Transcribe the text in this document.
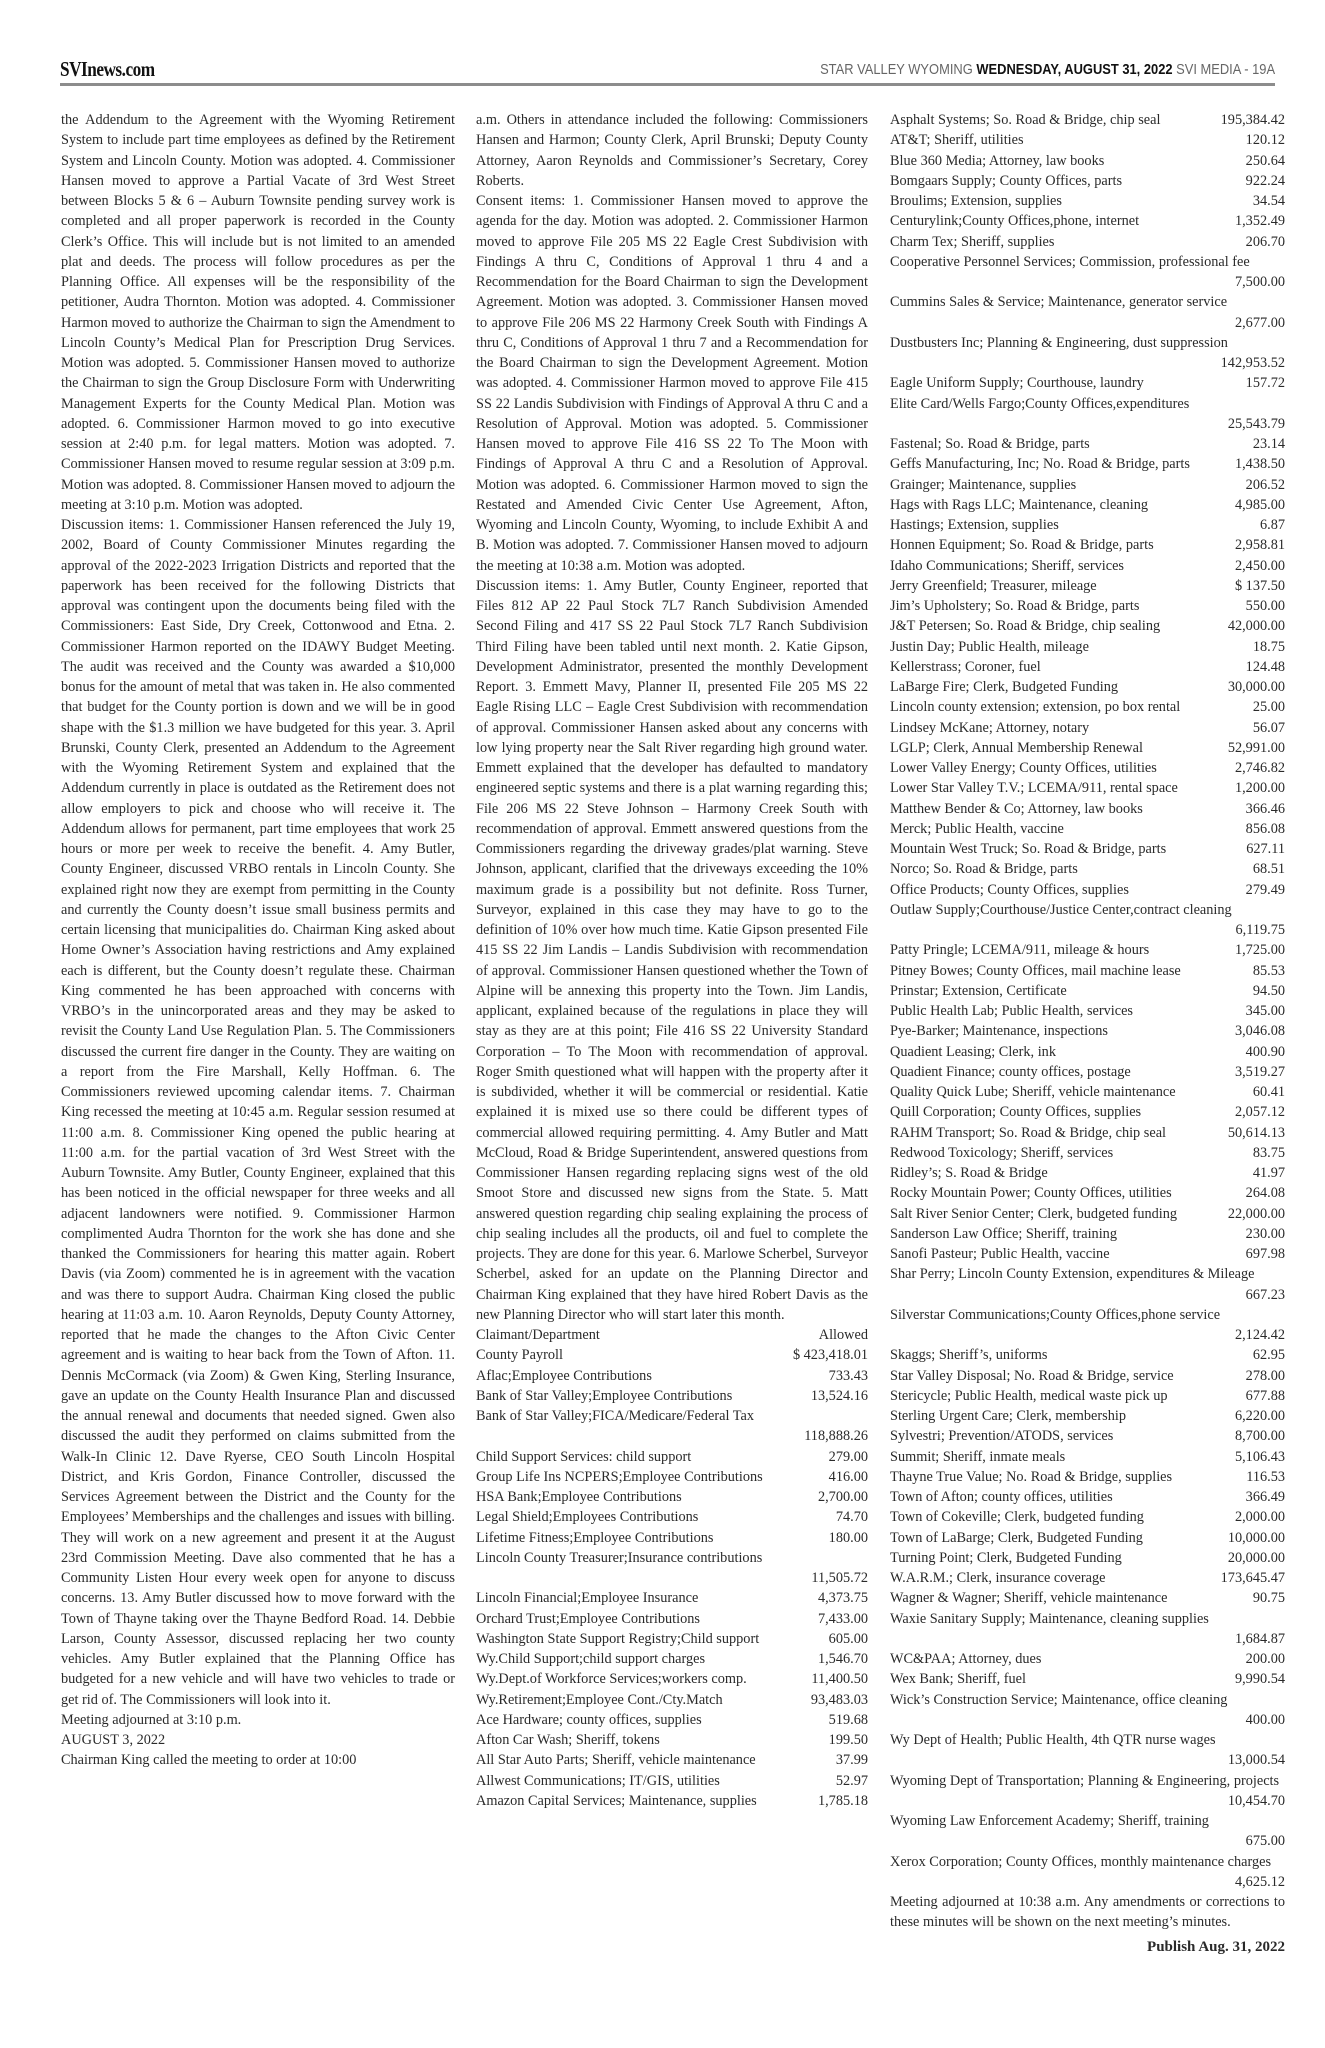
SVInews.com	STAR VALLEY WYOMING WEDNESDAY, AUGUST 31, 2022 SVI MEDIA - 19A

the Addendum to the Agreement with the Wyoming Retirement System to include part time employees as defined by the Retirement System and Lincoln County. Motion was adopted. 4. Commissioner Hansen moved to approve a Partial Vacate of 3rd West Street between Blocks 5 & 6 – Auburn Townsite pending survey work is completed and all proper paperwork is recorded in the County Clerk’s Office. This will include but is not limited to an amended plat and deeds. The process will follow procedures as per the Planning Office. All expenses will be the responsibility of the petitioner, Audra Thornton. Motion was adopted. 4. Commissioner Harmon moved to authorize the Chairman to sign the Amendment to Lincoln County’s Medical Plan for Prescription Drug Services. Motion was adopted. 5. Commissioner Hansen moved to authorize the Chairman to sign the Group Disclosure Form with Underwriting Management Experts for the County Medical Plan. Motion was adopted. 6. Commissioner Harmon moved to go into executive session at 2:40 p.m. for legal matters. Motion was adopted. 7. Commissioner Hansen moved to resume regular session at 3:09 p.m. Motion was adopted. 8. Commissioner Hansen moved to adjourn the meeting at 3:10 p.m. Motion was adopted.

Discussion items: 1. Commissioner Hansen referenced the July 19, 2002, Board of County Commissioner Minutes regarding the approval of the 2022-2023 Irrigation Districts and reported that the paperwork has been received for the following Districts that approval was contingent upon the documents being filed with the Commissioners: East Side, Dry Creek, Cottonwood and Etna. 2. Commissioner Harmon reported on the IDAWY Budget Meeting. The audit was received and the County was awarded a $10,000 bonus for the amount of metal that was taken in. He also commented that budget for the County portion is down and we will be in good shape with the $1.3 million we have budgeted for this year. 3. April Brunski, County Clerk, presented an Addendum to the Agreement with the Wyoming Retirement System and explained that the Addendum currently in place is outdated as the Retirement does not allow employers to pick and choose who will receive it. The Addendum allows for permanent, part time employees that work 25 hours or more per week to receive the benefit. 4. Amy Butler, County Engineer, discussed VRBO rentals in Lincoln County. She explained right now they are exempt from permitting in the County and currently the County doesn’t issue small business permits and certain licensing that municipalities do. Chairman King asked about Home Owner’s Association having restrictions and Amy explained each is different, but the County doesn’t regulate these. Chairman King commented he has been approached with concerns with VRBO’s in the unincorporated areas and they may be asked to revisit the County Land Use Regulation Plan. 5. The Commissioners discussed the current fire danger in the County. They are waiting on a report from the Fire Marshall, Kelly Hoffman. 6. The Commissioners reviewed upcoming calendar items. 7. Chairman King recessed the meeting at 10:45 a.m. Regular session resumed at 11:00 a.m. 8. Commissioner King opened the public hearing at 11:00 a.m. for the partial vacation of 3rd West Street with the Auburn Townsite. Amy Butler, County Engineer, explained that this has been noticed in the official newspaper for three weeks and all adjacent landowners were notified. 9. Commissioner Harmon complimented Audra Thornton for the work she has done and she thanked the Commissioners for hearing this matter again. Robert Davis (via Zoom) commented he is in agreement with the vacation and was there to support Audra. Chairman King closed the public hearing at 11:03 a.m. 10. Aaron Reynolds, Deputy County Attorney, reported that he made the changes to the Afton Civic Center agreement and is waiting to hear back from the Town of Afton. 11. Dennis McCormack (via Zoom) & Gwen King, Sterling Insurance, gave an update on the County Health Insurance Plan and discussed the annual renewal and documents that needed signed. Gwen also discussed the audit they performed on claims submitted from the Walk-In Clinic 12. Dave Ryerse, CEO South Lincoln Hospital District, and Kris Gordon, Finance Controller, discussed the Services Agreement between the District and the County for the Employees’ Memberships and the challenges and issues with billing. They will work on a new agreement and present it at the August 23rd Commission Meeting. Dave also commented that he has a Community Listen Hour every week open for anyone to discuss concerns. 13. Amy Butler discussed how to move forward with the Town of Thayne taking over the Thayne Bedford Road. 14. Debbie Larson, County Assessor, discussed replacing her two county vehicles. Amy Butler explained that the Planning Office has budgeted for a new vehicle and will have two vehicles to trade or get rid of. The Commissioners will look into it.

Meeting adjourned at 3:10 p.m.

AUGUST 3, 2022

Chairman King called the meeting to order at 10:00

a.m. Others in attendance included the following: Commissioners Hansen and Harmon; County Clerk, April Brunski; Deputy County Attorney, Aaron Reynolds and Commissioner’s Secretary, Corey Roberts.

Consent items: 1. Commissioner Hansen moved to approve the agenda for the day. Motion was adopted. 2. Commissioner Harmon moved to approve File 205 MS 22 Eagle Crest Subdivision with Findings A thru C, Conditions of Approval 1 thru 4 and a Recommendation for the Board Chairman to sign the Development Agreement. Motion was adopted. 3. Commissioner Hansen moved to approve File 206 MS 22 Harmony Creek South with Findings A thru C, Conditions of Approval 1 thru 7 and a Recommendation for the Board Chairman to sign the Development Agreement. Motion was adopted. 4. Commissioner Harmon moved to approve File 415 SS 22 Landis Subdivision with Findings of Approval A thru C and a Resolution of Approval. Motion was adopted. 5. Commissioner Hansen moved to approve File 416 SS 22 To The Moon with Findings of Approval A thru C and a Resolution of Approval. Motion was adopted. 6. Commissioner Harmon moved to sign the Restated and Amended Civic Center Use Agreement, Afton, Wyoming and Lincoln County, Wyoming, to include Exhibit A and B. Motion was adopted. 7. Commissioner Hansen moved to adjourn the meeting at 10:38 a.m. Motion was adopted.

Discussion items: 1. Amy Butler, County Engineer, reported that Files 812 AP 22 Paul Stock 7L7 Ranch Subdivision Amended Second Filing and 417 SS 22 Paul Stock 7L7 Ranch Subdivision Third Filing have been tabled until next month. 2. Katie Gipson, Development Administrator, presented the monthly Development Report. 3. Emmett Mavy, Planner II, presented File 205 MS 22 Eagle Rising LLC – Eagle Crest Subdivision with recommendation of approval. Commissioner Hansen asked about any concerns with low lying property near the Salt River regarding high ground water. Emmett explained that the developer has defaulted to mandatory engineered septic systems and there is a plat warning regarding this; File 206 MS 22 Steve Johnson – Harmony Creek South with recommendation of approval. Emmett answered questions from the Commissioners regarding the driveway grades/plat warning. Steve Johnson, applicant, clarified that the driveways exceeding the 10% maximum grade is a possibility but not definite. Ross Turner, Surveyor, explained in this case they may have to go to the definition of 10% over how much time. Katie Gipson presented File 415 SS 22 Jim Landis – Landis Subdivision with recommendation of approval. Commissioner Hansen questioned whether the Town of Alpine will be annexing this property into the Town. Jim Landis, applicant, explained because of the regulations in place they will stay as they are at this point; File 416 SS 22 University Standard Corporation – To The Moon with recommendation of approval. Roger Smith questioned what will happen with the property after it is subdivided, whether it will be commercial or residential. Katie explained it is mixed use so there could be different types of commercial allowed requiring permitting. 4. Amy Butler and Matt McCloud, Road & Bridge Superintendent, answered questions from Commissioner Hansen regarding replacing signs west of the old Smoot Store and discussed new signs from the State. 5. Matt answered question regarding chip sealing explaining the process of chip sealing includes all the products, oil and fuel to complete the projects. They are done for this year. 6. Marlowe Scherbel, Surveyor Scherbel, asked for an update on the Planning Director and Chairman King explained that they have hired Robert Davis as the new Planning Director who will start later this month.

Claimant/Department	Allowed
County Payroll	$ 423,418.01
Aflac;Employee Contributions	733.43
Bank of Star Valley;Employee Contributions	13,524.16
Bank of Star Valley;FICA/Medicare/Federal Tax
118,888.26
Child Support Services: child support	279.00
Group Life Ins NCPERS;Employee Contributions	416.00
HSA Bank;Employee Contributions	2,700.00
Legal Shield;Employees Contributions	74.70
Lifetime Fitness;Employee Contributions	180.00
Lincoln County Treasurer;Insurance contributions
11,505.72
Lincoln Financial;Employee Insurance	4,373.75
Orchard Trust;Employee Contributions	7,433.00
Washington State Support Registry;Child support	605.00
Wy.Child Support;child support charges	1,546.70
Wy.Dept.of Workforce Services;workers comp.	11,400.50
Wy.Retirement;Employee Cont./Cty.Match	93,483.03
Ace Hardware; county offices, supplies	519.68
Afton Car Wash; Sheriff, tokens	199.50
All Star Auto Parts; Sheriff, vehicle maintenance	37.99
Allwest Communications; IT/GIS, utilities	52.97
Amazon Capital Services; Maintenance, supplies	1,785.18
Asphalt Systems; So. Road & Bridge, chip seal	195,384.42
AT&T; Sheriff, utilities	120.12
Blue 360 Media; Attorney, law books	250.64
Bomgaars Supply; County Offices, parts	922.24
Broulims; Extension, supplies	34.54
Centurylink;County Offices,phone, internet	1,352.49
Charm Tex; Sheriff, supplies	206.70
Cooperative Personnel Services; Commission, professional fee
7,500.00
Cummins Sales & Service; Maintenance, generator service
2,677.00
Dustbusters Inc; Planning & Engineering, dust suppression
142,953.52
Eagle Uniform Supply; Courthouse, laundry	157.72
Elite Card/Wells Fargo;County Offices,expenditures
25,543.79
Fastenal; So. Road & Bridge, parts	23.14
Geffs Manufacturing, Inc; No. Road & Bridge, parts	1,438.50
Grainger; Maintenance, supplies	206.52
Hags with Rags LLC; Maintenance, cleaning	4,985.00
Hastings; Extension, supplies	6.87
Honnen Equipment; So. Road & Bridge, parts	2,958.81
Idaho Communications; Sheriff, services	2,450.00
Jerry Greenfield; Treasurer, mileage	$ 137.50
Jim’s Upholstery; So. Road & Bridge, parts	550.00
J&T Petersen; So. Road & Bridge, chip sealing	42,000.00
Justin Day; Public Health, mileage	18.75
Kellerstrass; Coroner, fuel	124.48
LaBarge Fire; Clerk, Budgeted Funding	30,000.00
Lincoln county extension; extension, po box rental	25.00
Lindsey McKane; Attorney, notary	56.07
LGLP; Clerk, Annual Membership Renewal	52,991.00
Lower Valley Energy; County Offices, utilities	2,746.82
Lower Star Valley T.V.; LCEMA/911, rental space	1,200.00
Matthew Bender & Co; Attorney, law books	366.46
Merck; Public Health, vaccine	856.08
Mountain West Truck; So. Road & Bridge, parts	627.11
Norco; So. Road & Bridge, parts	68.51
Office Products; County Offices, supplies	279.49
Outlaw Supply;Courthouse/Justice Center,contract cleaning
6,119.75
Patty Pringle; LCEMA/911, mileage & hours	1,725.00
Pitney Bowes; County Offices, mail machine lease	85.53
Prinstar; Extension, Certificate	94.50
Public Health Lab; Public Health, services	345.00
Pye-Barker; Maintenance, inspections	3,046.08
Quadient Leasing; Clerk, ink	400.90
Quadient Finance; county offices, postage	3,519.27
Quality Quick Lube; Sheriff, vehicle maintenance	60.41
Quill Corporation; County Offices, supplies	2,057.12
RAHM Transport; So. Road & Bridge, chip seal	50,614.13
Redwood Toxicology; Sheriff, services	83.75
Ridley’s; S. Road & Bridge	41.97
Rocky Mountain Power; County Offices, utilities	264.08
Salt River Senior Center; Clerk, budgeted funding	22,000.00
Sanderson Law Office; Sheriff, training	230.00
Sanofi Pasteur; Public Health, vaccine	697.98
Shar Perry; Lincoln County Extension, expenditures & Mileage
667.23
Silverstar Communications;County Offices,phone service
2,124.42
Skaggs; Sheriff’s, uniforms	62.95
Star Valley Disposal; No. Road & Bridge, service	278.00
Stericycle; Public Health, medical waste pick up	677.88
Sterling Urgent Care; Clerk, membership	6,220.00
Sylvestri; Prevention/ATODS, services	8,700.00
Summit; Sheriff, inmate meals	5,106.43
Thayne True Value; No. Road & Bridge, supplies	116.53
Town of Afton; county offices, utilities	366.49
Town of Cokeville; Clerk, budgeted funding	2,000.00
Town of LaBarge; Clerk, Budgeted Funding	10,000.00
Turning Point; Clerk, Budgeted Funding	20,000.00
W.A.R.M.; Clerk, insurance coverage	173,645.47
Wagner & Wagner; Sheriff, vehicle maintenance	90.75
Waxie Sanitary Supply; Maintenance, cleaning supplies
1,684.87
WC&PAA; Attorney, dues	200.00
Wex Bank; Sheriff, fuel	9,990.54
Wick’s Construction Service; Maintenance, office cleaning
400.00
Wy Dept of Health; Public Health, 4th QTR nurse wages
13,000.54
Wyoming Dept of Transportation; Planning & Engineering, projects
10,454.70
Wyoming Law Enforcement Academy; Sheriff, training
675.00
Xerox Corporation; County Offices, monthly maintenance charges
4,625.12

Meeting adjourned at 10:38 a.m. Any amendments or corrections to these minutes will be shown on the next meeting’s minutes.

Publish Aug. 31, 2022
